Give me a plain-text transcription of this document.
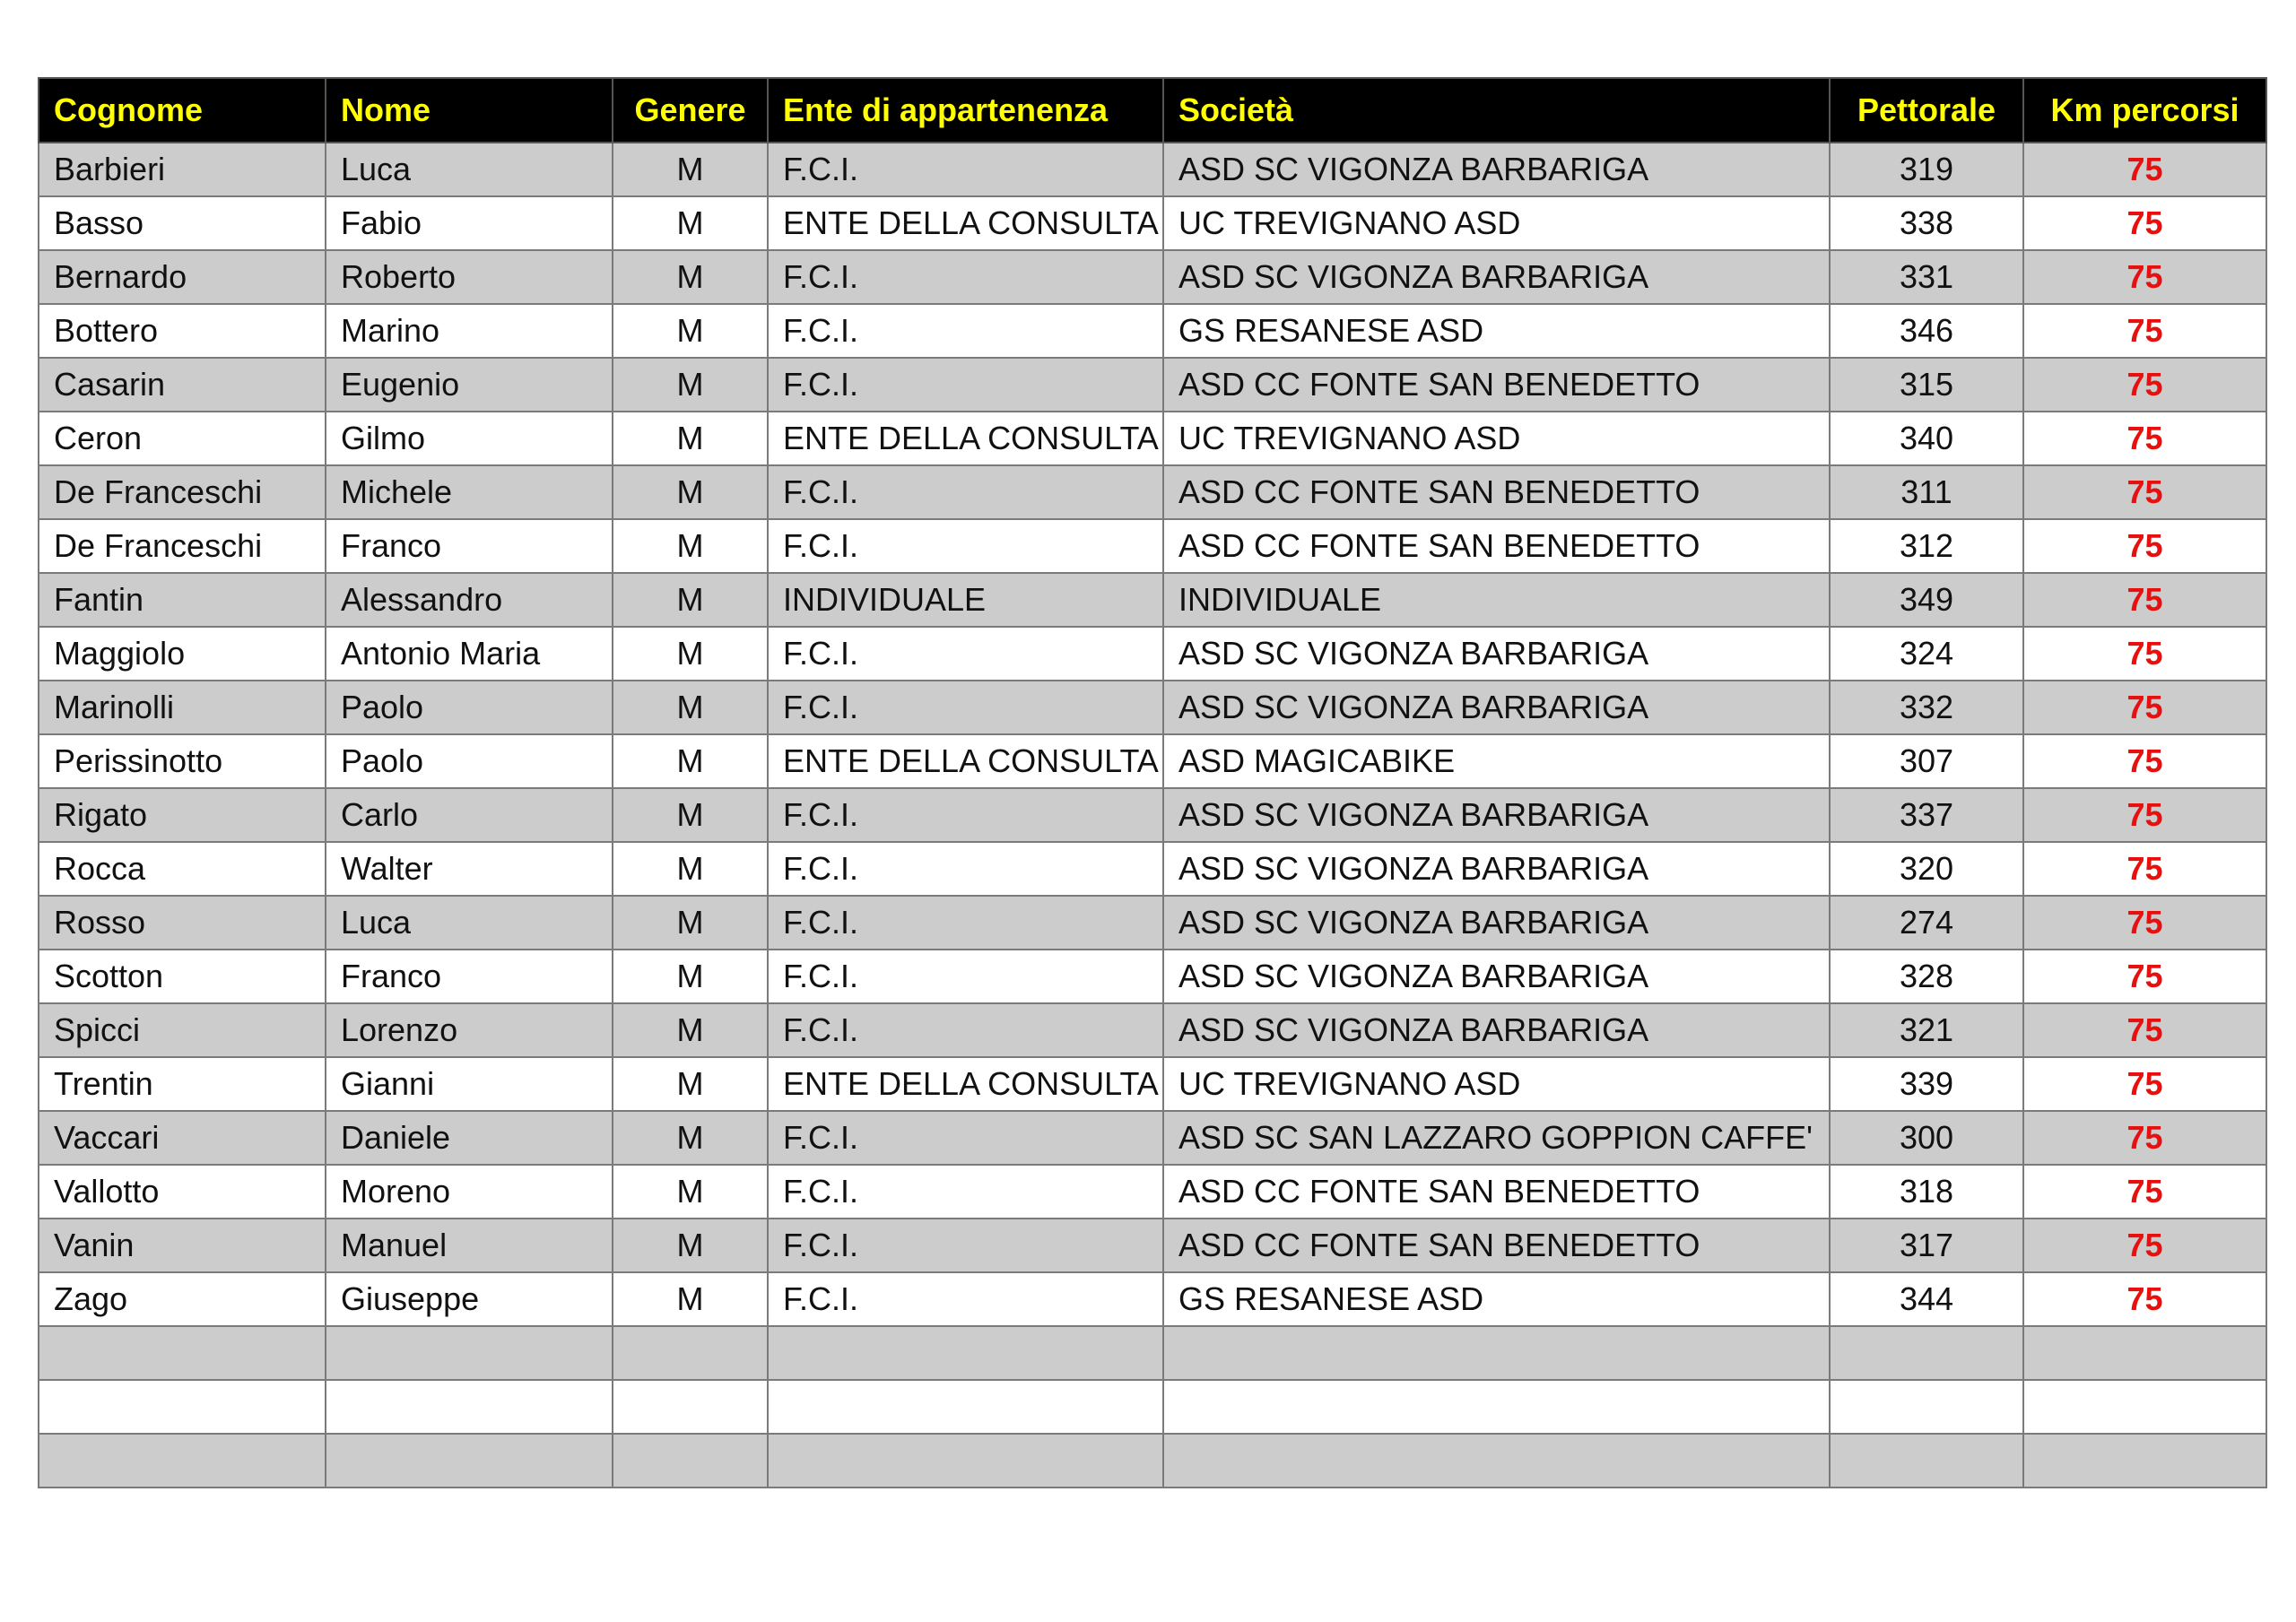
Cognome	Nome	Genere	Ente di appartenenza	Società	Pettorale	Km percorsi
Barbieri	Luca	M	F.C.I.	ASD SC VIGONZA BARBARIGA	319	75
Basso	Fabio	M	ENTE DELLA CONSULTA	UC TREVIGNANO ASD	338	75
Bernardo	Roberto	M	F.C.I.	ASD SC VIGONZA BARBARIGA	331	75
Bottero	Marino	M	F.C.I.	GS RESANESE ASD	346	75
Casarin	Eugenio	M	F.C.I.	ASD CC FONTE SAN BENEDETTO	315	75
Ceron	Gilmo	M	ENTE DELLA CONSULTA	UC TREVIGNANO ASD	340	75
De Franceschi	Michele	M	F.C.I.	ASD CC FONTE SAN BENEDETTO	311	75
De Franceschi	Franco	M	F.C.I.	ASD CC FONTE SAN BENEDETTO	312	75
Fantin	Alessandro	M	INDIVIDUALE	INDIVIDUALE	349	75
Maggiolo	Antonio Maria	M	F.C.I.	ASD SC VIGONZA BARBARIGA	324	75
Marinolli	Paolo	M	F.C.I.	ASD SC VIGONZA BARBARIGA	332	75
Perissinotto	Paolo	M	ENTE DELLA CONSULTA	ASD MAGICABIKE	307	75
Rigato	Carlo	M	F.C.I.	ASD SC VIGONZA BARBARIGA	337	75
Rocca	Walter	M	F.C.I.	ASD SC VIGONZA BARBARIGA	320	75
Rosso	Luca	M	F.C.I.	ASD SC VIGONZA BARBARIGA	274	75
Scotton	Franco	M	F.C.I.	ASD SC VIGONZA BARBARIGA	328	75
Spicci	Lorenzo	M	F.C.I.	ASD SC VIGONZA BARBARIGA	321	75
Trentin	Gianni	M	ENTE DELLA CONSULTA	UC TREVIGNANO ASD	339	75
Vaccari	Daniele	M	F.C.I.	ASD SC SAN LAZZARO GOPPION CAFFE'	300	75
Vallotto	Moreno	M	F.C.I.	ASD CC FONTE SAN BENEDETTO	318	75
Vanin	Manuel	M	F.C.I.	ASD CC FONTE SAN BENEDETTO	317	75
Zago	Giuseppe	M	F.C.I.	GS RESANESE ASD	344	75
